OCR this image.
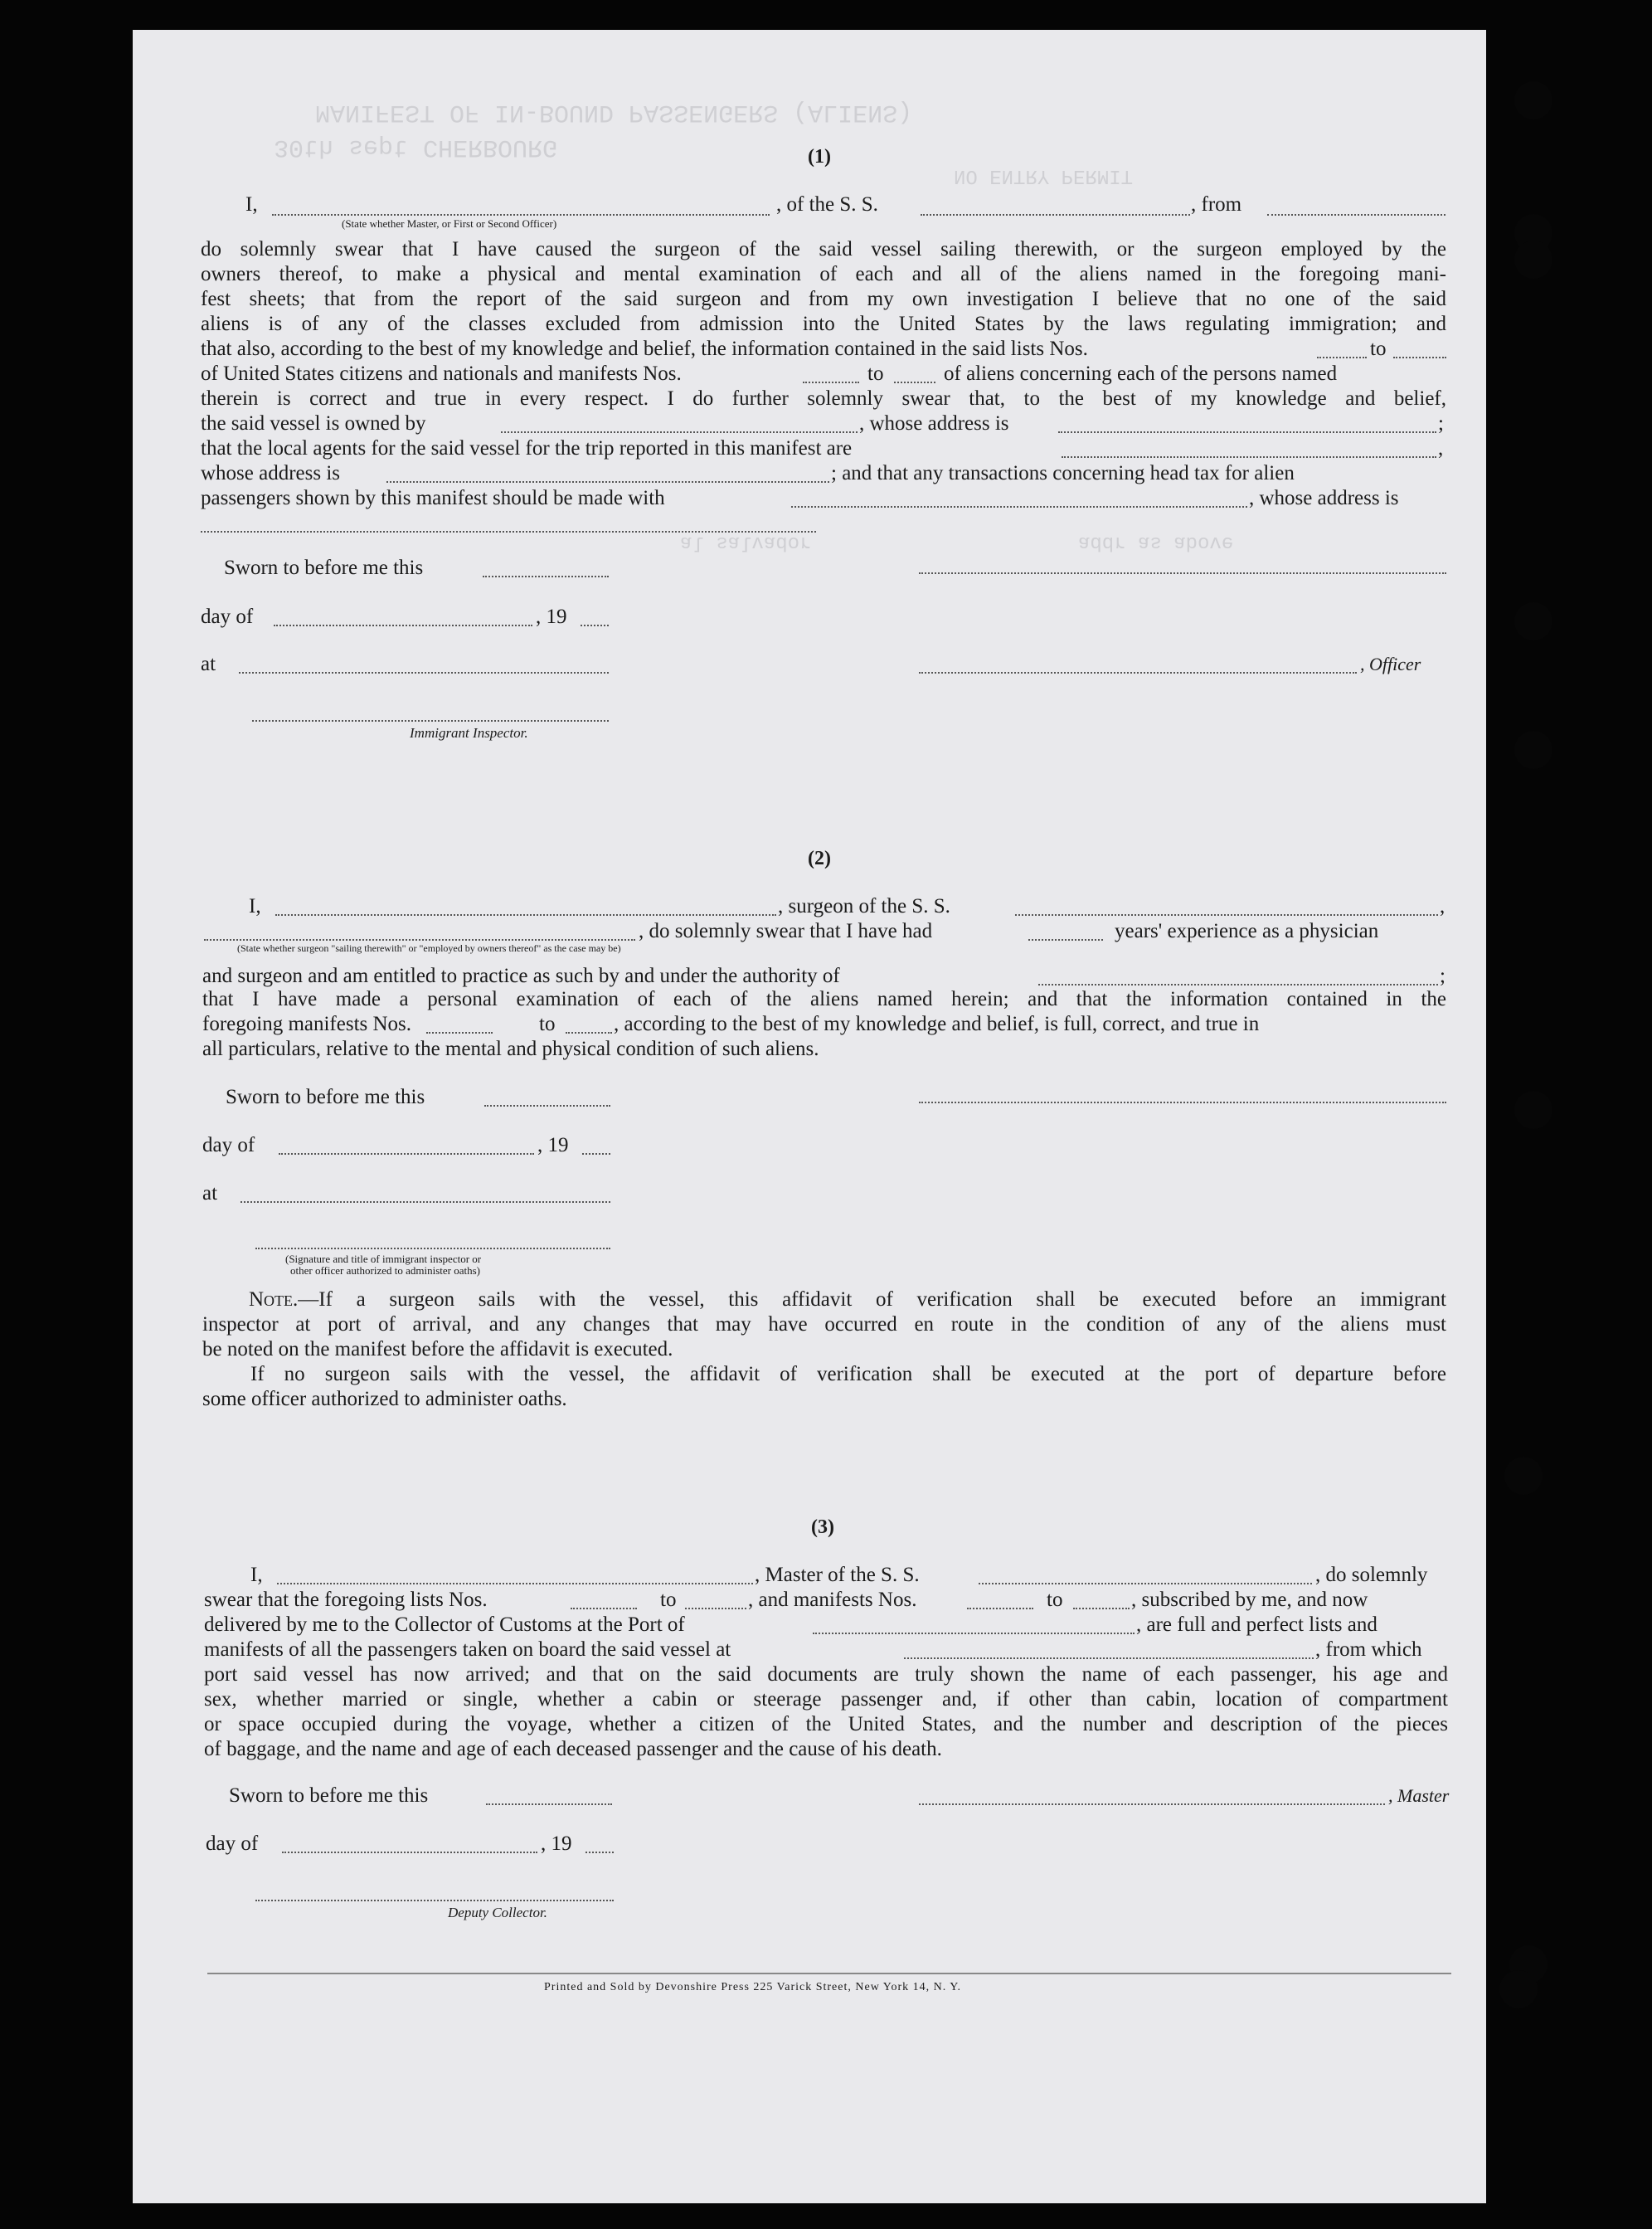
MANIFEST OF IN-BOUND PASSENGERS (ALIENS)
30th sept CHERBOURG
NO ENTRY PERMIT
al salvador	addr as above
(1)
I,	, of the S. S.	, from
(State whether Master, or First or Second Officer)
do solemnly swear that I have caused the surgeon of the said vessel sailing therewith, or the surgeon employed by the
owners thereof, to make a physical and mental examination of each and all of the aliens named in the foregoing mani-
fest sheets; that from the report of the said surgeon and from my own investigation I believe that no one of the said
aliens is of any of the classes excluded from admission into the United States by the laws regulating immigration; and
that also, according to the best of my knowledge and belief, the information contained in the said lists Nos.	to
of United States citizens and nationals and manifests Nos.	to	of aliens concerning each of the persons named
therein is correct and true in every respect. I do further solemnly swear that, to the best of my knowledge and belief,
the said vessel is owned by	, whose address is	;
that the local agents for the said vessel for the trip reported in this manifest are	,
whose address is	; and that any transactions concerning head tax for alien
passengers shown by this manifest should be made with	, whose address is
Sworn to before me this
day of	, 19
at	, Officer
Immigrant Inspector.
(2)
I,	, surgeon of the S. S.	,
, do solemnly swear that I have had	years' experience as a physician
(State whether surgeon "sailing therewith" or "employed by owners thereof" as the case may be)
and surgeon and am entitled to practice as such by and under the authority of	;
that I have made a personal examination of each of the aliens named herein; and that the information contained in the
foregoing manifests Nos.	to	, according to the best of my knowledge and belief, is full, correct, and true in
all particulars, relative to the mental and physical condition of such aliens.
Sworn to before me this
day of	, 19
at
(Signature and title of immigrant inspector or
other officer authorized to administer oaths)
Note.—If a surgeon sails with the vessel, this affidavit of verification shall be executed before an immigrant
inspector at port of arrival, and any changes that may have occurred en route in the condition of any of the aliens must
be noted on the manifest before the affidavit is executed.
If no surgeon sails with the vessel, the affidavit of verification shall be executed at the port of departure before
some officer authorized to administer oaths.
(3)
I,	, Master of the S. S.	, do solemnly
swear that the foregoing lists Nos.	to	, and manifests Nos.	to	, subscribed by me, and now
delivered by me to the Collector of Customs at the Port of	, are full and perfect lists and
manifests of all the passengers taken on board the said vessel at	, from which
port said vessel has now arrived; and that on the said documents are truly shown the name of each passenger, his age and
sex, whether married or single, whether a cabin or steerage passenger and, if other than cabin, location of compartment
or space occupied during the voyage, whether a citizen of the United States, and the number and description of the pieces
of baggage, and the name and age of each deceased passenger and the cause of his death.
Sworn to before me this	, Master
day of	, 19
Deputy Collector.
Printed and Sold by Devonshire Press 225 Varick Street, New York 14, N. Y.
